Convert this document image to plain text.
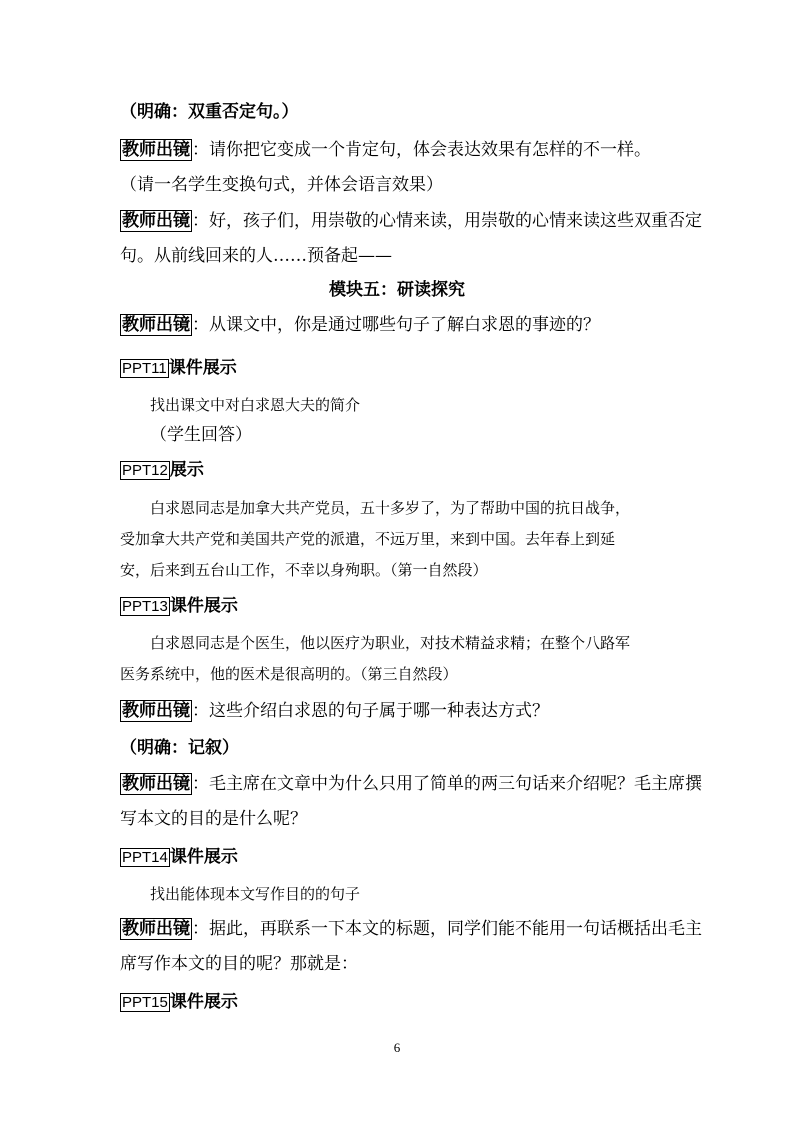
（明确：双重否定句。）
教师出镜 ：请你把它变成一个肯定句，体会表达效果有怎样的不一样。
（请一名学生变换句式，并体会语言效果）
教师出镜 ：好，孩子们，用崇敬的心情来读，用崇敬的心情来读这些双重否定
句。从前线回来的人……预备起——
模块五：研读探究
教师出镜 ：从课文中，你是通过哪些句子了解白求恩的事迹的？
PPT11 课件展示
找出课文中对白求恩大夫的简介
（学生回答）
PPT12 展示
白求恩同志是加拿大共产党员，五十多岁了，为了帮助中国的抗日战争，
受加拿大共产党和美国共产党的派遣，不远万里，来到中国。去年春上到延
安，后来到五台山工作，不幸以身殉职。（第一自然段）
PPT13 课件展示
白求恩同志是个医生，他以医疗为职业，对技术精益求精；在整个八路军
医务系统中，他的医术是很高明的。（第三自然段）
教师出镜 ：这些介绍白求恩的句子属于哪一种表达方式？
（明确：记叙）
教师出镜 ：毛主席在文章中为什么只用了简单的两三句话来介绍呢？毛主席撰
写本文的目的是什么呢？
PPT14 课件展示
找出能体现本文写作目的的句子
教师出镜 ：据此，再联系一下本文的标题，同学们能不能用一句话概括出毛主
席写作本文的目的呢？那就是：
PPT15 课件展示
6
